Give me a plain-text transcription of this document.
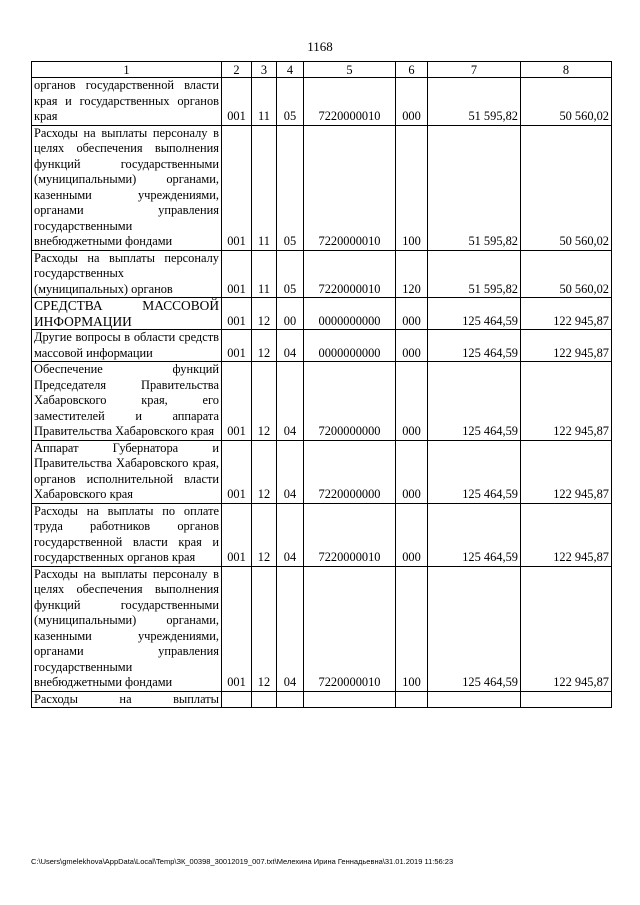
1168
1	2	3	4	5	6	7	8
органов государственной власти края и государственных органов края	001	11	05	7220000010	000	51 595,82	50 560,02
Расходы на выплаты персоналу в целях обеспечения выполнения функций государственными (муниципальными) органами, казенными учреждениями, органами управления государственными внебюджетными фондами	001	11	05	7220000010	100	51 595,82	50 560,02
Расходы на выплаты персоналу государственных (муниципальных) органов	001	11	05	7220000010	120	51 595,82	50 560,02
СРЕДСТВА МАССОВОЙ ИНФОРМАЦИИ	001	12	00	0000000000	000	125 464,59	122 945,87
Другие вопросы в области средств массовой информации	001	12	04	0000000000	000	125 464,59	122 945,87
Обеспечение функций Председателя Правительства Хабаровского края, его заместителей и аппарата Правительства Хабаровского края	001	12	04	7200000000	000	125 464,59	122 945,87
Аппарат Губернатора и Правительства Хабаровского края, органов исполнительной власти Хабаровского края	001	12	04	7220000000	000	125 464,59	122 945,87
Расходы на выплаты по оплате труда работников органов государственной власти края и государственных органов края	001	12	04	7220000010	000	125 464,59	122 945,87
Расходы на выплаты персоналу в целях обеспечения выполнения функций государственными (муниципальными) органами, казенными учреждениями, органами управления государственными внебюджетными фондами	001	12	04	7220000010	100	125 464,59	122 945,87
Расходы на выплаты							
C:\Users\gmelekhova\AppData\Local\Temp\ЗК_00398_30012019_007.txt\Мелехина Ирина Геннадьевна\31.01.2019 11:56:23
